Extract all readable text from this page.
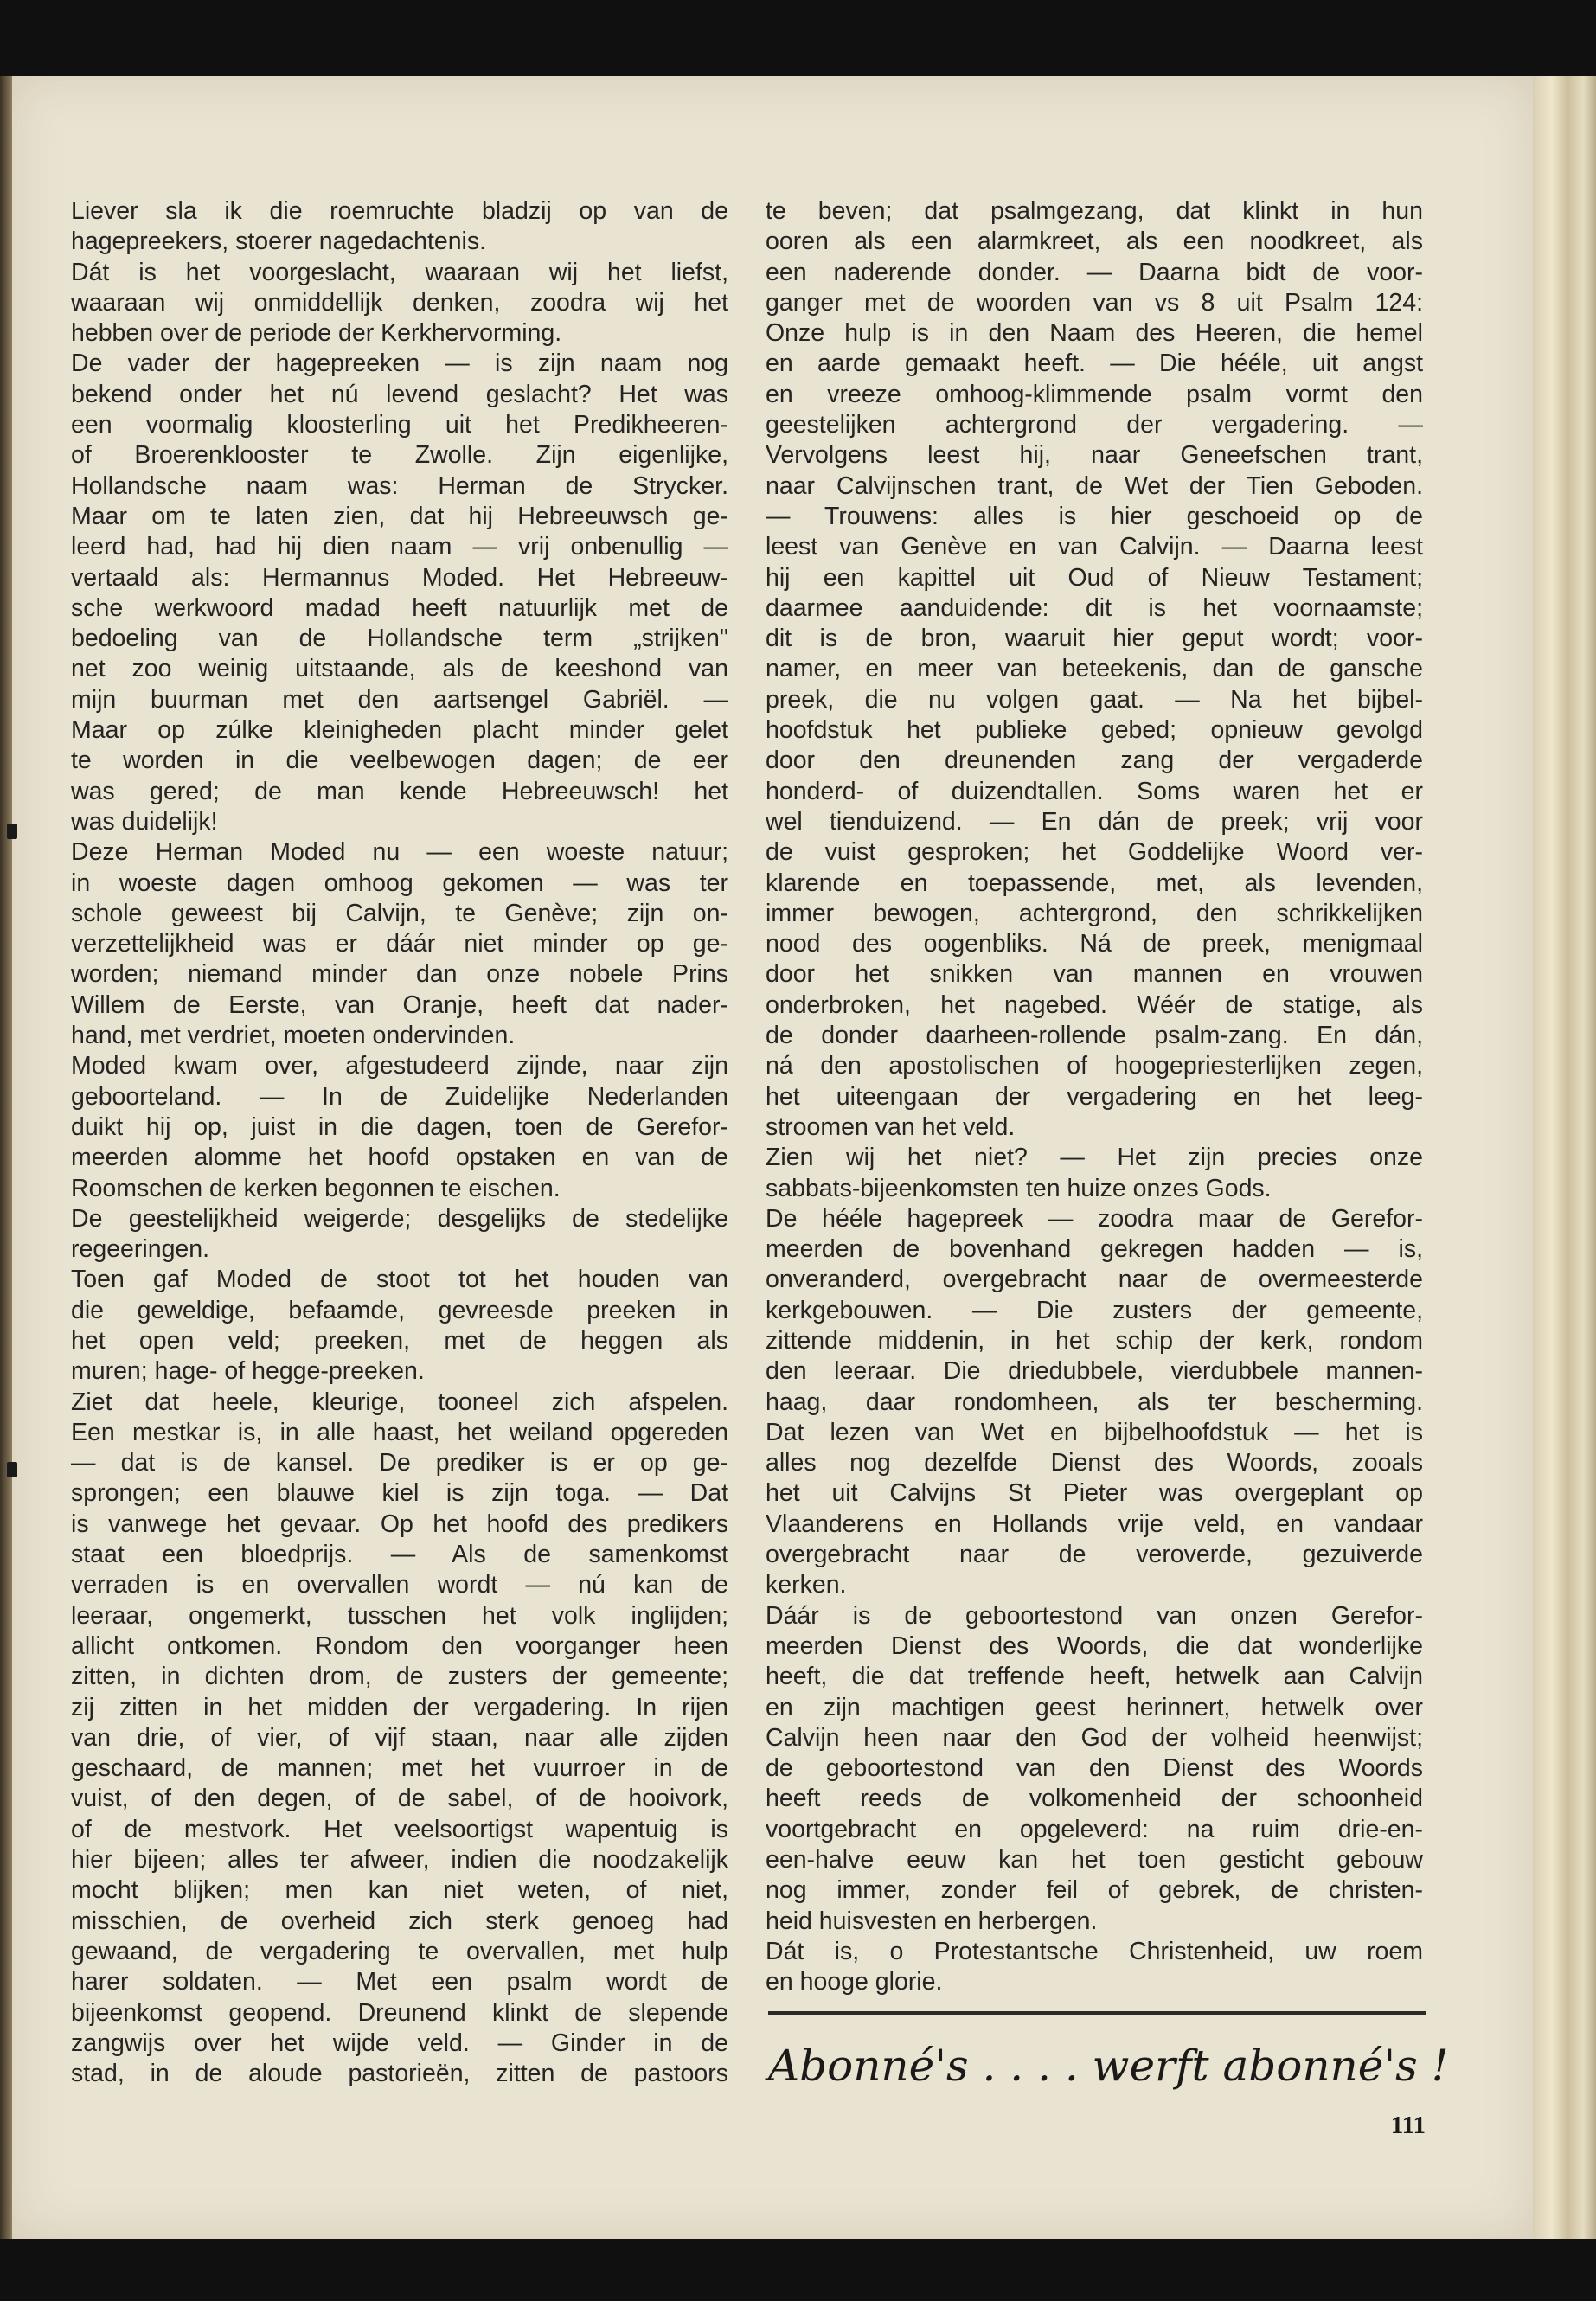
Liever sla ik die roemruchte bladzij op van de
hagepreekers, stoerer nagedachtenis.
Dát is het voorgeslacht, waaraan wij het liefst,
waaraan wij onmiddellijk denken, zoodra wij het
hebben over de periode der Kerkhervorming.
De vader der hagepreeken — is zijn naam nog
bekend onder het nú levend geslacht? Het was
een voormalig kloosterling uit het Predikheeren-
of Broerenklooster te Zwolle. Zijn eigenlijke,
Hollandsche naam was: Herman de Strycker.
Maar om te laten zien, dat hij Hebreeuwsch ge-
leerd had, had hij dien naam — vrij onbenullig —
vertaald als: Hermannus Moded. Het Hebreeuw-
sche werkwoord madad heeft natuurlijk met de
bedoeling van de Hollandsche term „strijken"
net zoo weinig uitstaande, als de keeshond van
mijn buurman met den aartsengel Gabriël. —
Maar op zúlke kleinigheden placht minder gelet
te worden in die veelbewogen dagen; de eer
was gered; de man kende Hebreeuwsch! het
was duidelijk!
Deze Herman Moded nu — een woeste natuur;
in woeste dagen omhoog gekomen — was ter
schole geweest bij Calvijn, te Genève; zijn on-
verzettelijkheid was er dáár niet minder op ge-
worden; niemand minder dan onze nobele Prins
Willem de Eerste, van Oranje, heeft dat nader-
hand, met verdriet, moeten ondervinden.
Moded kwam over, afgestudeerd zijnde, naar zijn
geboorteland. — In de Zuidelijke Nederlanden
duikt hij op, juist in die dagen, toen de Gerefor-
meerden alomme het hoofd opstaken en van de
Roomschen de kerken begonnen te eischen.
De geestelijkheid weigerde; desgelijks de stedelijke
regeeringen.
Toen gaf Moded de stoot tot het houden van
die geweldige, befaamde, gevreesde preeken in
het open veld; preeken, met de heggen als
muren; hage- of hegge-preeken.
Ziet dat heele, kleurige, tooneel zich afspelen.
Een mestkar is, in alle haast, het weiland opgereden
— dat is de kansel. De prediker is er op ge-
sprongen; een blauwe kiel is zijn toga. — Dat
is vanwege het gevaar. Op het hoofd des predikers
staat een bloedprijs. — Als de samenkomst
verraden is en overvallen wordt — nú kan de
leeraar, ongemerkt, tusschen het volk inglijden;
allicht ontkomen. Rondom den voorganger heen
zitten, in dichten drom, de zusters der gemeente;
zij zitten in het midden der vergadering. In rijen
van drie, of vier, of vijf staan, naar alle zijden
geschaard, de mannen; met het vuurroer in de
vuist, of den degen, of de sabel, of de hooivork,
of de mestvork. Het veelsoortigst wapentuig is
hier bijeen; alles ter afweer, indien die noodzakelijk
mocht blijken; men kan niet weten, of niet,
misschien, de overheid zich sterk genoeg had
gewaand, de vergadering te overvallen, met hulp
harer soldaten. — Met een psalm wordt de
bijeenkomst geopend. Dreunend klinkt de slepende
zangwijs over het wijde veld. — Ginder in de
stad, in de aloude pastorieën, zitten de pastoors
te beven; dat psalmgezang, dat klinkt in hun
ooren als een alarmkreet, als een noodkreet, als
een naderende donder. — Daarna bidt de voor-
ganger met de woorden van vs 8 uit Psalm 124:
Onze hulp is in den Naam des Heeren, die hemel
en aarde gemaakt heeft. — Die hééle, uit angst
en vreeze omhoog-klimmende psalm vormt den
geestelijken achtergrond der vergadering. —
Vervolgens leest hij, naar Geneefschen trant,
naar Calvijnschen trant, de Wet der Tien Geboden.
— Trouwens: alles is hier geschoeid op de
leest van Genève en van Calvijn. — Daarna leest
hij een kapittel uit Oud of Nieuw Testament;
daarmee aanduidende: dit is het voornaamste;
dit is de bron, waaruit hier geput wordt; voor-
namer, en meer van beteekenis, dan de gansche
preek, die nu volgen gaat. — Na het bijbel-
hoofdstuk het publieke gebed; opnieuw gevolgd
door den dreunenden zang der vergaderde
honderd- of duizendtallen. Soms waren het er
wel tienduizend. — En dán de preek; vrij voor
de vuist gesproken; het Goddelijke Woord ver-
klarende en toepassende, met, als levenden,
immer bewogen, achtergrond, den schrikkelijken
nood des oogenbliks. Ná de preek, menigmaal
door het snikken van mannen en vrouwen
onderbroken, het nagebed. Wéér de statige, als
de donder daarheen-rollende psalm-zang. En dán,
ná den apostolischen of hoogepriesterlijken zegen,
het uiteengaan der vergadering en het leeg-
stroomen van het veld.
Zien wij het niet? — Het zijn precies onze
sabbats-bijeenkomsten ten huize onzes Gods.
De hééle hagepreek — zoodra maar de Gerefor-
meerden de bovenhand gekregen hadden — is,
onveranderd, overgebracht naar de overmeesterde
kerkgebouwen. — Die zusters der gemeente,
zittende middenin, in het schip der kerk, rondom
den leeraar. Die driedubbele, vierdubbele mannen-
haag, daar rondomheen, als ter bescherming.
Dat lezen van Wet en bijbelhoofdstuk — het is
alles nog dezelfde Dienst des Woords, zooals
het uit Calvijns St Pieter was overgeplant op
Vlaanderens en Hollands vrije veld, en vandaar
overgebracht naar de veroverde, gezuiverde
kerken.
Dáár is de geboortestond van onzen Gerefor-
meerden Dienst des Woords, die dat wonderlijke
heeft, die dat treffende heeft, hetwelk aan Calvijn
en zijn machtigen geest herinnert, hetwelk over
Calvijn heen naar den God der volheid heenwijst;
de geboortestond van den Dienst des Woords
heeft reeds de volkomenheid der schoonheid
voortgebracht en opgeleverd: na ruim drie-en-
een-halve eeuw kan het toen gesticht gebouw
nog immer, zonder feil of gebrek, de christen-
heid huisvesten en herbergen.
Dát is, o Protestantsche Christenheid, uw roem
en hooge glorie.
Abonné's . . . . werft abonné's !
111
